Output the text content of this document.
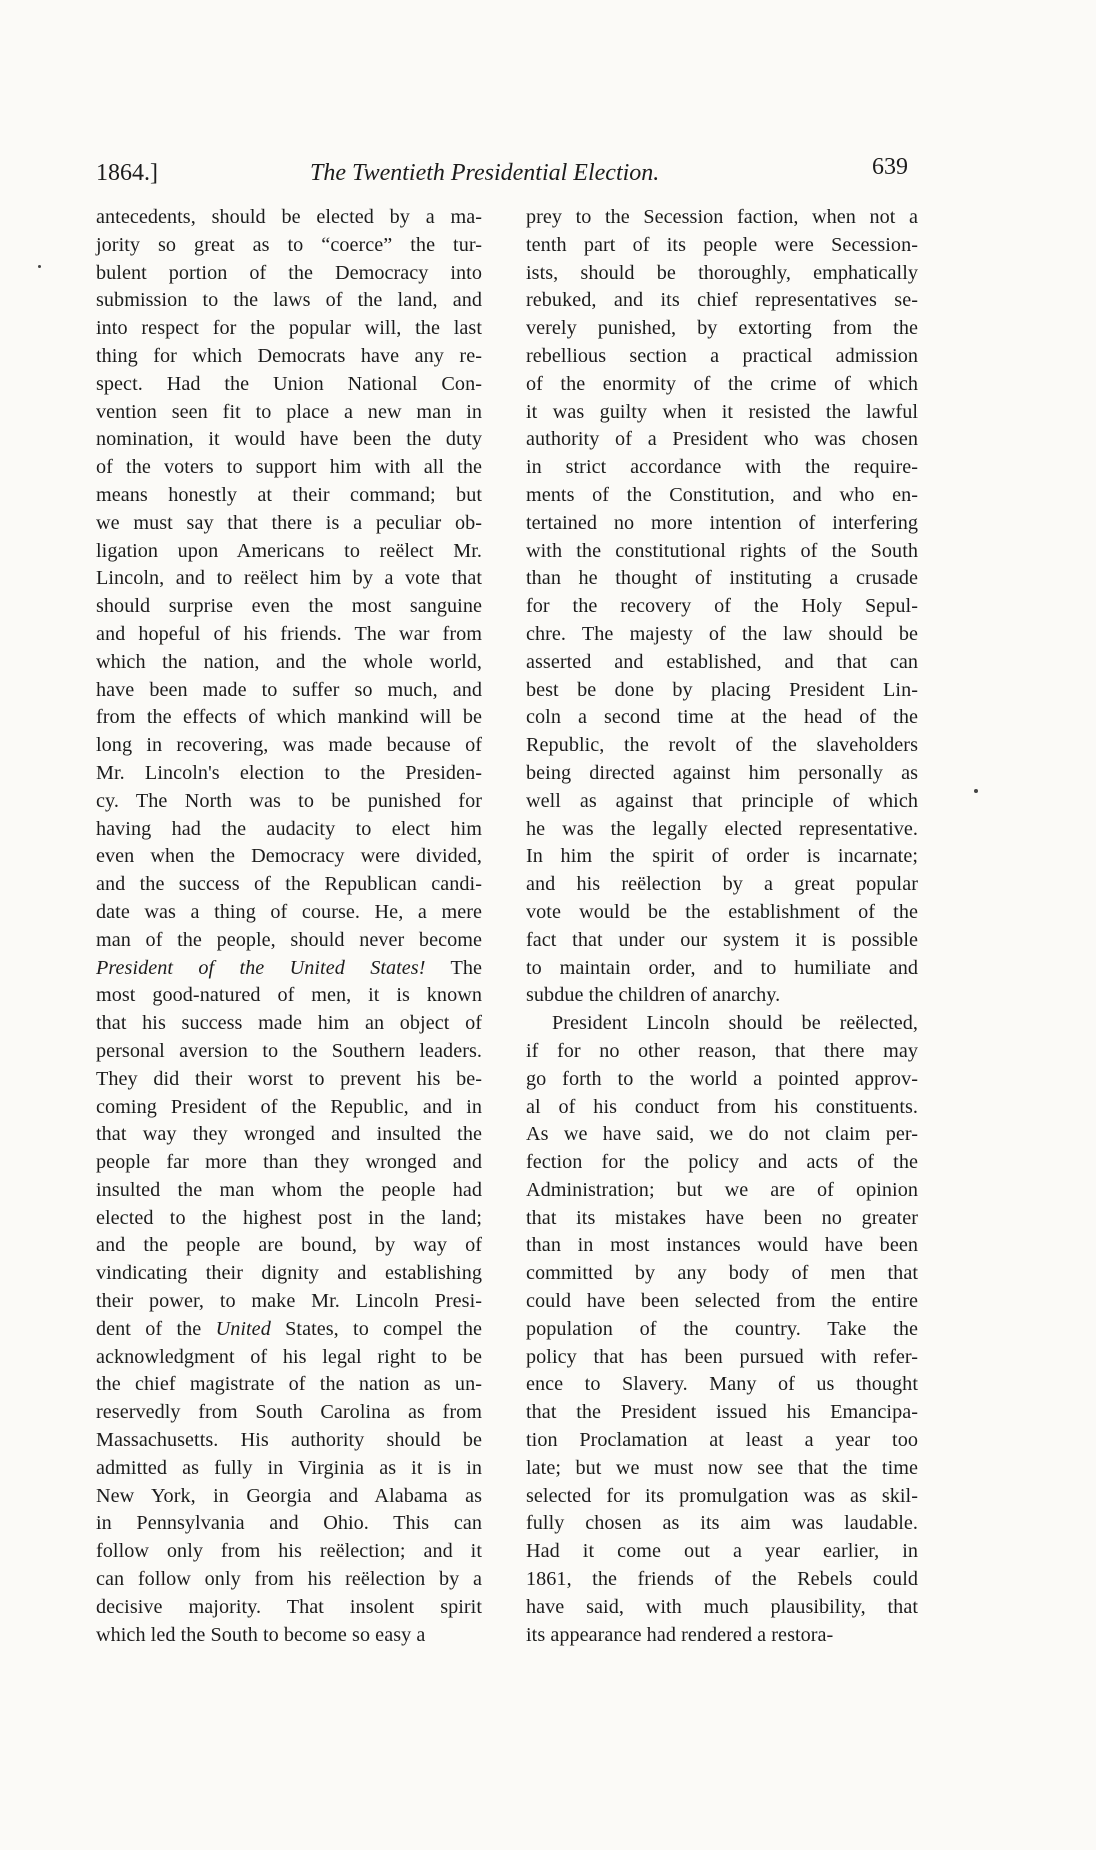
1864.]	The Twentieth Presidential Election.	639
antecedents, should be elected by a ma-
jority so great as to “coerce” the tur-
bulent portion of the Democracy into
submission to the laws of the land, and
into respect for the popular will, the last
thing for which Democrats have any re-
spect. Had the Union National Con-
vention seen fit to place a new man in
nomination, it would have been the duty
of the voters to support him with all the
means honestly at their command; but
we must say that there is a peculiar ob-
ligation upon Americans to reëlect Mr.
Lincoln, and to reëlect him by a vote that
should surprise even the most sanguine
and hopeful of his friends. The war from
which the nation, and the whole world,
have been made to suffer so much, and
from the effects of which mankind will be
long in recovering, was made because of
Mr. Lincoln's election to the Presiden-
cy. The North was to be punished for
having had the audacity to elect him
even when the Democracy were divided,
and the success of the Republican candi-
date was a thing of course. He, a mere
man of the people, should never become
President of the United States! The
most good-natured of men, it is known
that his success made him an object of
personal aversion to the Southern leaders.
They did their worst to prevent his be-
coming President of the Republic, and in
that way they wronged and insulted the
people far more than they wronged and
insulted the man whom the people had
elected to the highest post in the land;
and the people are bound, by way of
vindicating their dignity and establishing
their power, to make Mr. Lincoln Presi-
dent of the United States, to compel the
acknowledgment of his legal right to be
the chief magistrate of the nation as un-
reservedly from South Carolina as from
Massachusetts. His authority should be
admitted as fully in Virginia as it is in
New York, in Georgia and Alabama as
in Pennsylvania and Ohio. This can
follow only from his reëlection; and it
can follow only from his reëlection by a
decisive majority. That insolent spirit
which led the South to become so easy a
prey to the Secession faction, when not a
tenth part of its people were Secession-
ists, should be thoroughly, emphatically
rebuked, and its chief representatives se-
verely punished, by extorting from the
rebellious section a practical admission
of the enormity of the crime of which
it was guilty when it resisted the lawful
authority of a President who was chosen
in strict accordance with the require-
ments of the Constitution, and who en-
tertained no more intention of interfering
with the constitutional rights of the South
than he thought of instituting a crusade
for the recovery of the Holy Sepul-
chre. The majesty of the law should be
asserted and established, and that can
best be done by placing President Lin-
coln a second time at the head of the
Republic, the revolt of the slaveholders
being directed against him personally as
well as against that principle of which
he was the legally elected representative.
In him the spirit of order is incarnate;
and his reëlection by a great popular
vote would be the establishment of the
fact that under our system it is possible
to maintain order, and to humiliate and
subdue the children of anarchy.
President Lincoln should be reëlected,
if for no other reason, that there may
go forth to the world a pointed approv-
al of his conduct from his constituents.
As we have said, we do not claim per-
fection for the policy and acts of the
Administration; but we are of opinion
that its mistakes have been no greater
than in most instances would have been
committed by any body of men that
could have been selected from the entire
population of the country. Take the
policy that has been pursued with refer-
ence to Slavery. Many of us thought
that the President issued his Emancipa-
tion Proclamation at least a year too
late; but we must now see that the time
selected for its promulgation was as skil-
fully chosen as its aim was laudable.
Had it come out a year earlier, in
1861, the friends of the Rebels could
have said, with much plausibility, that
its appearance had rendered a restora-
